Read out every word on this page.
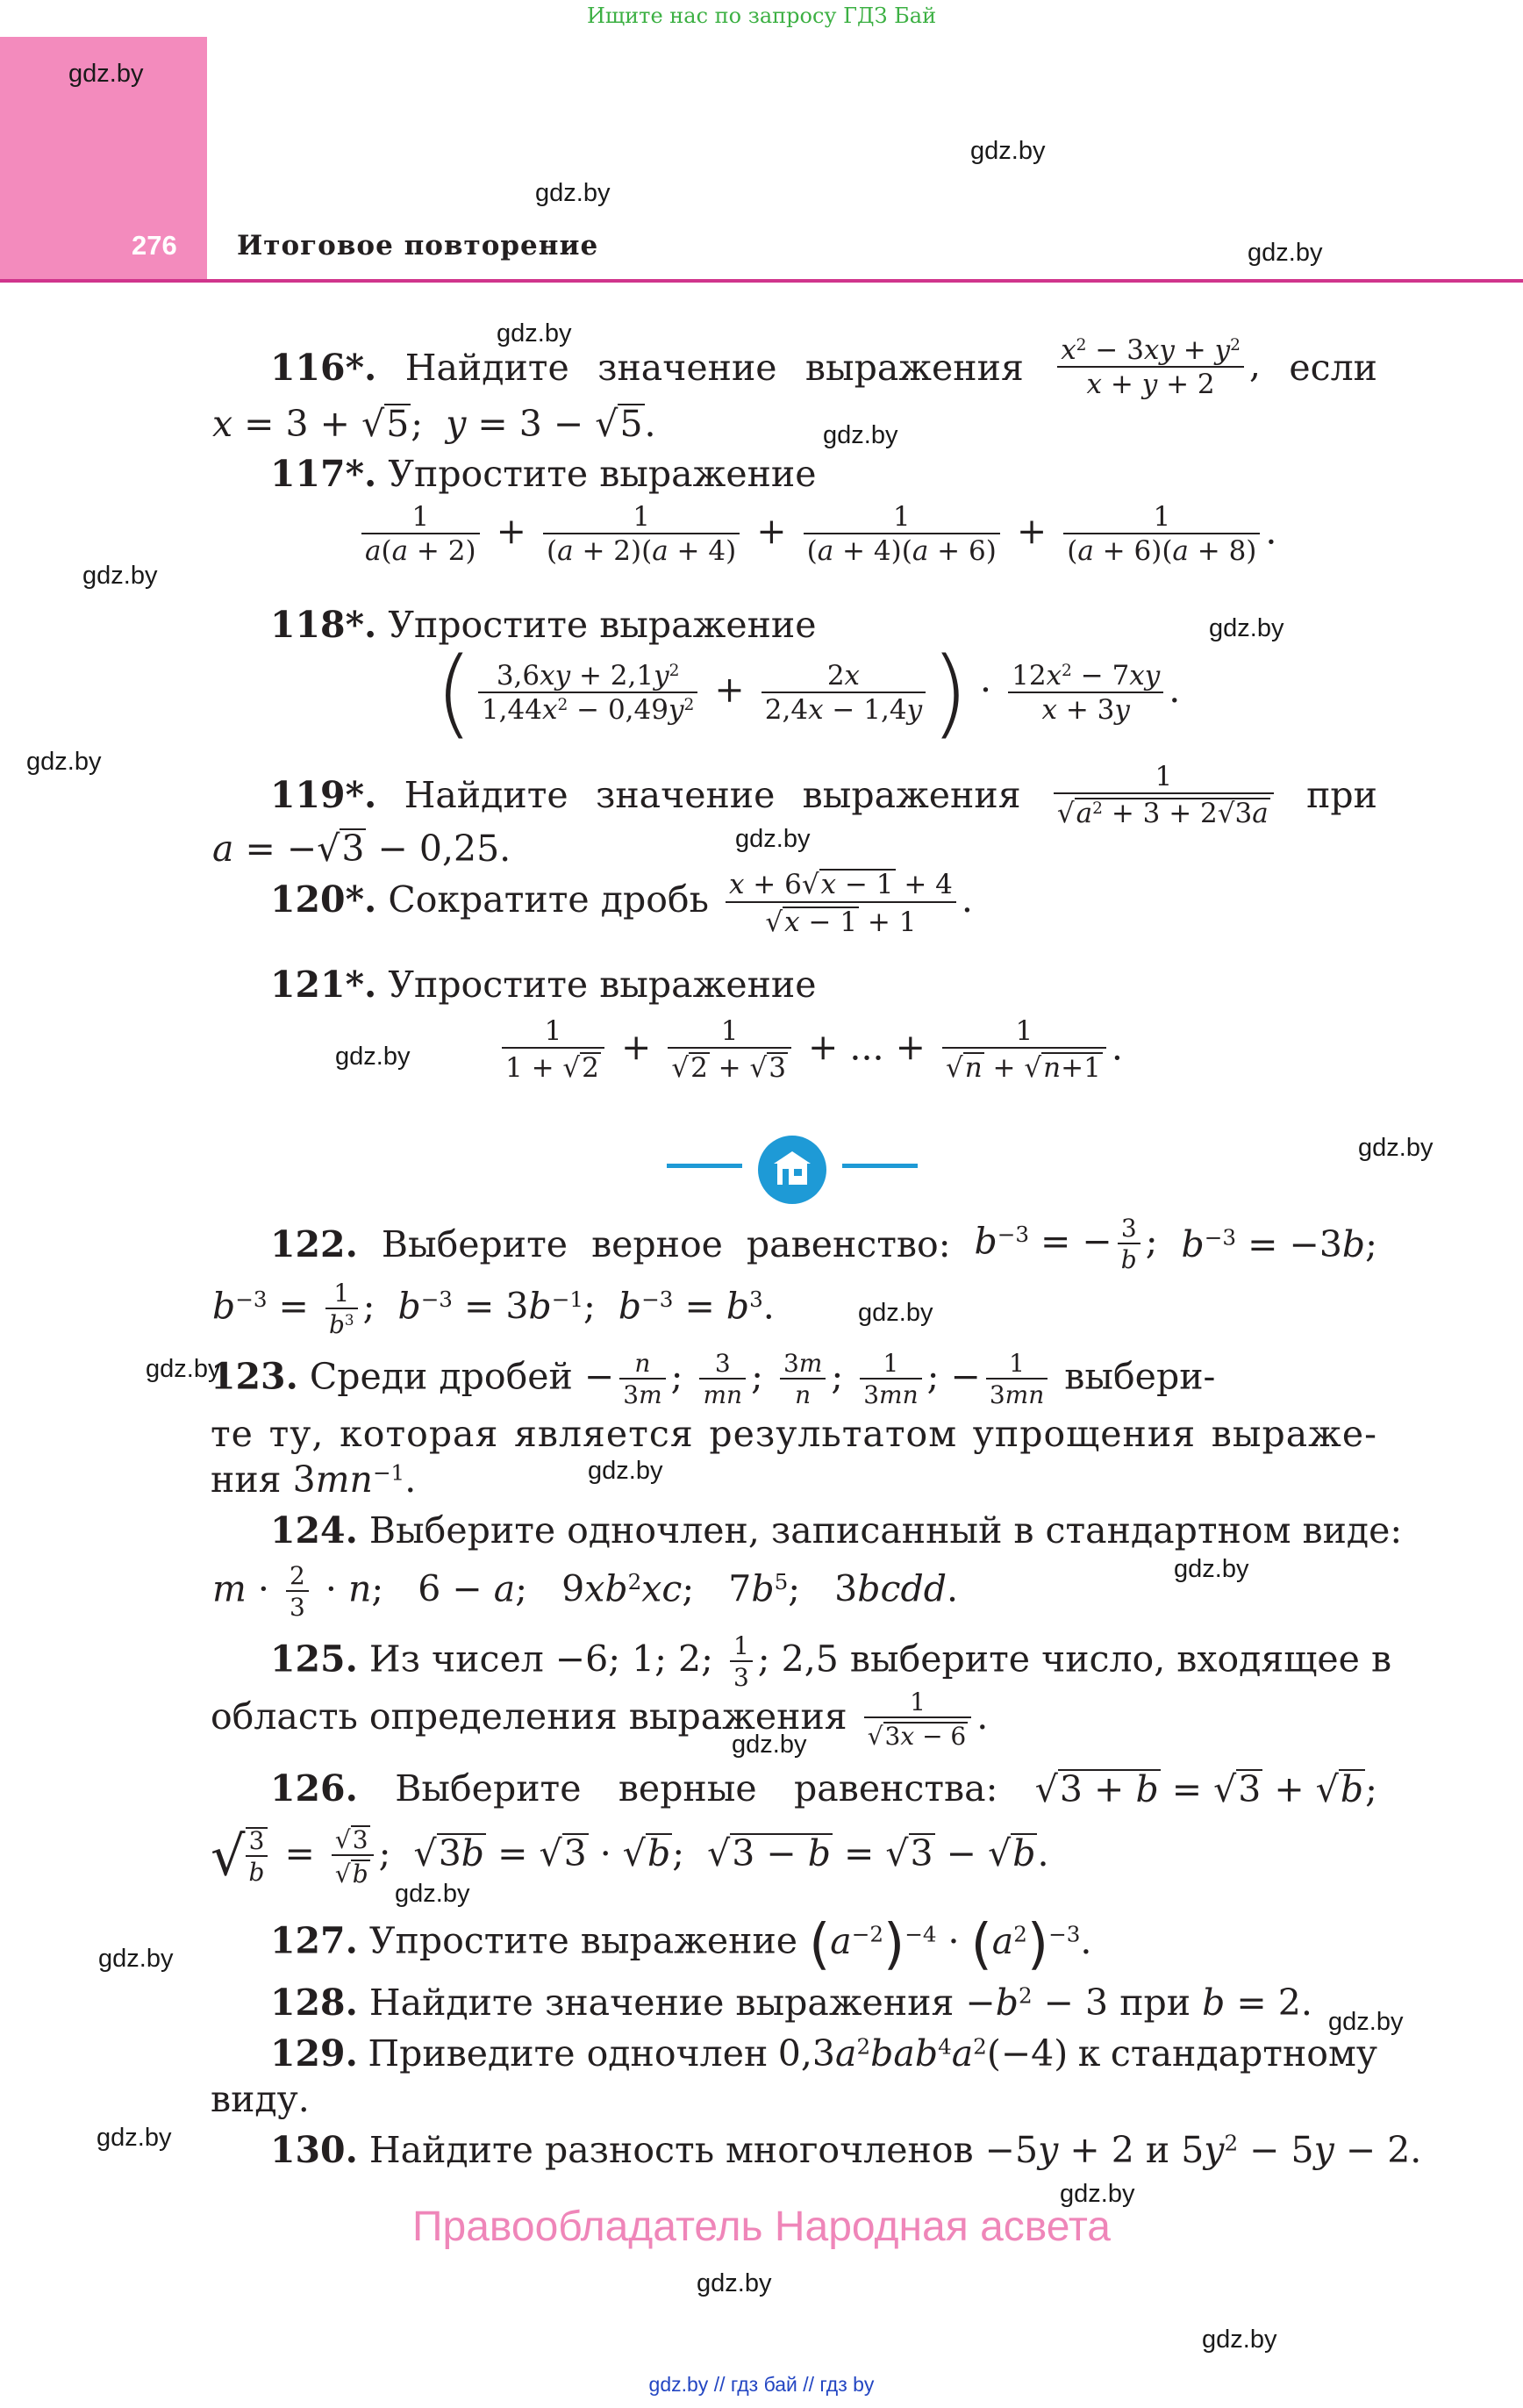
Ищите нас по запросу ГДЗ Бай
276 Итоговое повторение
gdz.by
gdz.by
gdz.by
gdz.by
gdz.by
gdz.by
gdz.by
gdz.by
gdz.by
gdz.by
gdz.by
gdz.by
gdz.by
gdz.by
gdz.by
gdz.by
gdz.by
gdz.by
gdz.by
gdz.by
gdz.by
gdz.by
gdz.by
gdz.by
116*. Найдите значение выражения $\frac{x^2 - 3xy + y^2}{x + y + 2}$ , если
x = 3 + √5;  y = 3 − √5.
117*. Упростите выражение
$\frac{1}{a(a + 2)} + \frac{1}{(a + 2)(a + 4)} + \frac{1}{(a + 4)(a + 6)} + \frac{1}{(a + 6)(a + 8)}$ .
118*. Упростите выражение
( $\frac{3,6xy + 2,1y^2}{1,44x^2 - 0,49y^2} + \frac{2x}{2,4x - 1,4y}$ ) · $\frac{12x^2 - 7xy}{x + 3y}$ .
119*. Найдите значение выражения	1
$√a^2 + 3 + 2√3a$ при
a = −√3 − 0,25.
120*. Сократите дробь $\frac{x + 6√x - 1 + 4}{√x - 1 + 1}$ .
121*. Упростите выражение
$\frac{1}{1 + √2} + \frac{1}{√2 + √3}$ + ... + $\frac{1}{√n + √n+1}$ .
122. Выберите верное равенство: $b^{-3}$ = − $\frac{3}{b}$ ; $b^{-3} = -3b$;
$b^{-3} = \frac{1}{b^3}$ ;  $b^{-3} = 3b^{-1}$;  $b^{-3} = b^3$.
123. Среди дробей − $\frac{n}{3m}$ ; $\frac{3}{mn}$ ; $\frac{3m}{n}$ ; $\frac{1}{3mn}$ ; − $\frac{1}{3mn}$ выбери-
те ту, которая является результатом упрощения выраже-
ния $3mn^{-1}$.
124. Выберите одночлен, записанный в стандартном виде:
$m \cdot \frac{2}{3} \cdot n$;   6 − a;   $9xb^2xc$;   $7b^5$;   3bcdd.
125. Из чисел −6; 1; 2; $\frac{1}{3}$ ; 2,5 выберите число, входящее в
область определения выражения $\frac{1}{√3x - 6}$ .
126. Выберите верные равенства: √3 + b = √3 + √b;
√ $\frac{3}{b} = \frac{√3}{√b}$ ;  √3b = √3 · √b;  √3 − b = √3 − √b.
127. Упростите выражение $(a^{-2})^{-4} \cdot (a^2)^{-3}$.
128. Найдите значение выражения $-b^2 - 3$ при b = 2.
129. Приведите одночлен $0,3a^2bab^4a^2(-4)$ к стандартному
виду.
130. Найдите разность многочленов −5y + 2 и $5y^2 - 5y - 2$.
Правообладатель Народная асвета
gdz.by // гдз бай // гдз by
